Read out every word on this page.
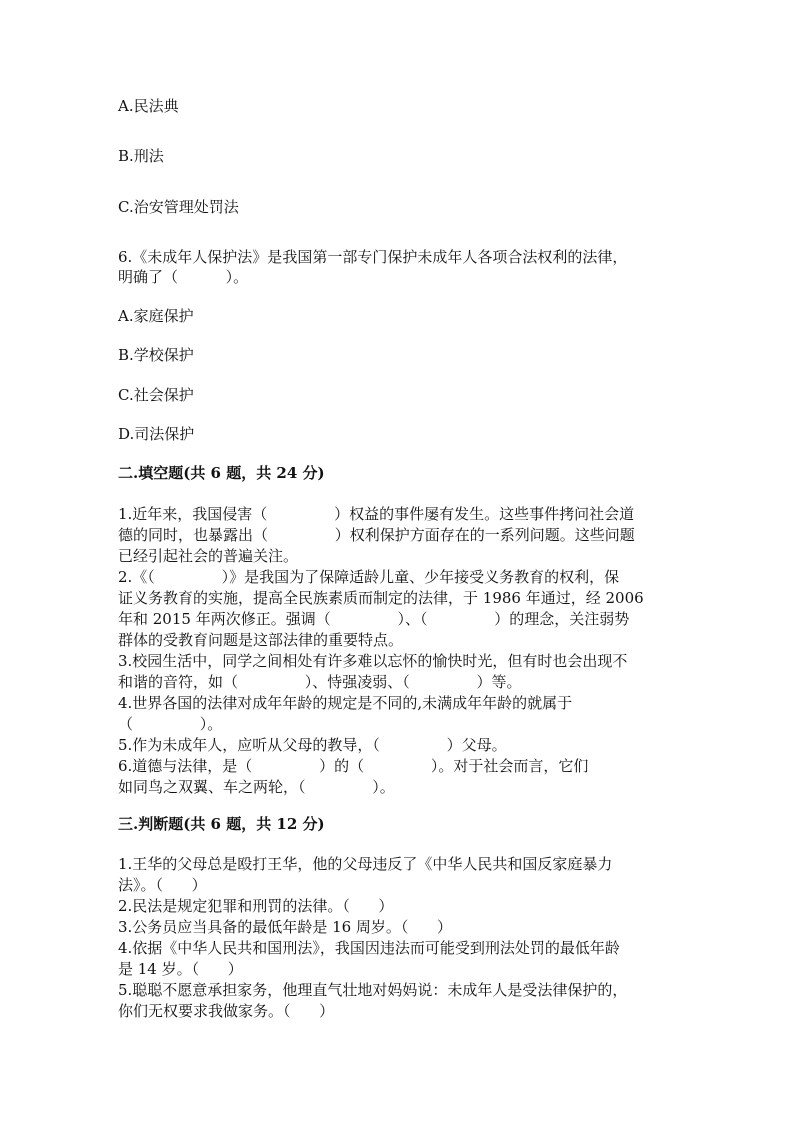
A.民法典
B.刑法
C.治安管理处罚法
6.《未成年人保护法》是我国第一部专门保护未成年人各项合法权利的法律，
明确了（          ）。
A.家庭保护
B.学校保护
C.社会保护
D.司法保护
二.填空题(共 6 题，共 24 分)
1.近年来，我国侵害（              ）权益的事件屡有发生。这些事件拷问社会道
德的同时，也暴露出（              ）权利保护方面存在的一系列问题。这些问题
已经引起社会的普遍关注。
2.《（              ）》是我国为了保障适龄儿童、少年接受义务教育的权利，保
证义务教育的实施，提高全民族素质而制定的法律，于 1986 年通过，经 2006
年和 2015 年两次修正。强调（              ）、（              ）的理念，关注弱势
群体的受教育问题是这部法律的重要特点。
3.校园生活中，同学之间相处有许多难以忘怀的愉快时光，但有时也会出现不
和谐的音符，如（              ）、恃强凌弱、（              ）等。
4.世界各国的法律对成年年龄的规定是不同的,未满成年年龄的就属于
（              ）。
5.作为未成年人，应听从父母的教导，（              ）父母。
6.道德与法律，是（              ）的（              ）。对于社会而言，它们
如同鸟之双翼、车之两轮，（              ）。
三.判断题(共 6 题，共 12 分)
1.王华的父母总是殴打王华，他的父母违反了《中华人民共和国反家庭暴力
法》。（      ）
2.民法是规定犯罪和刑罚的法律。（      ）
3.公务员应当具备的最低年龄是 16 周岁。（      ）
4.依据《中华人民共和国刑法》，我国因违法而可能受到刑法处罚的最低年龄
是 14 岁。（      ）
5.聪聪不愿意承担家务，他理直气壮地对妈妈说：未成年人是受法律保护的，
你们无权要求我做家务。（      ）
